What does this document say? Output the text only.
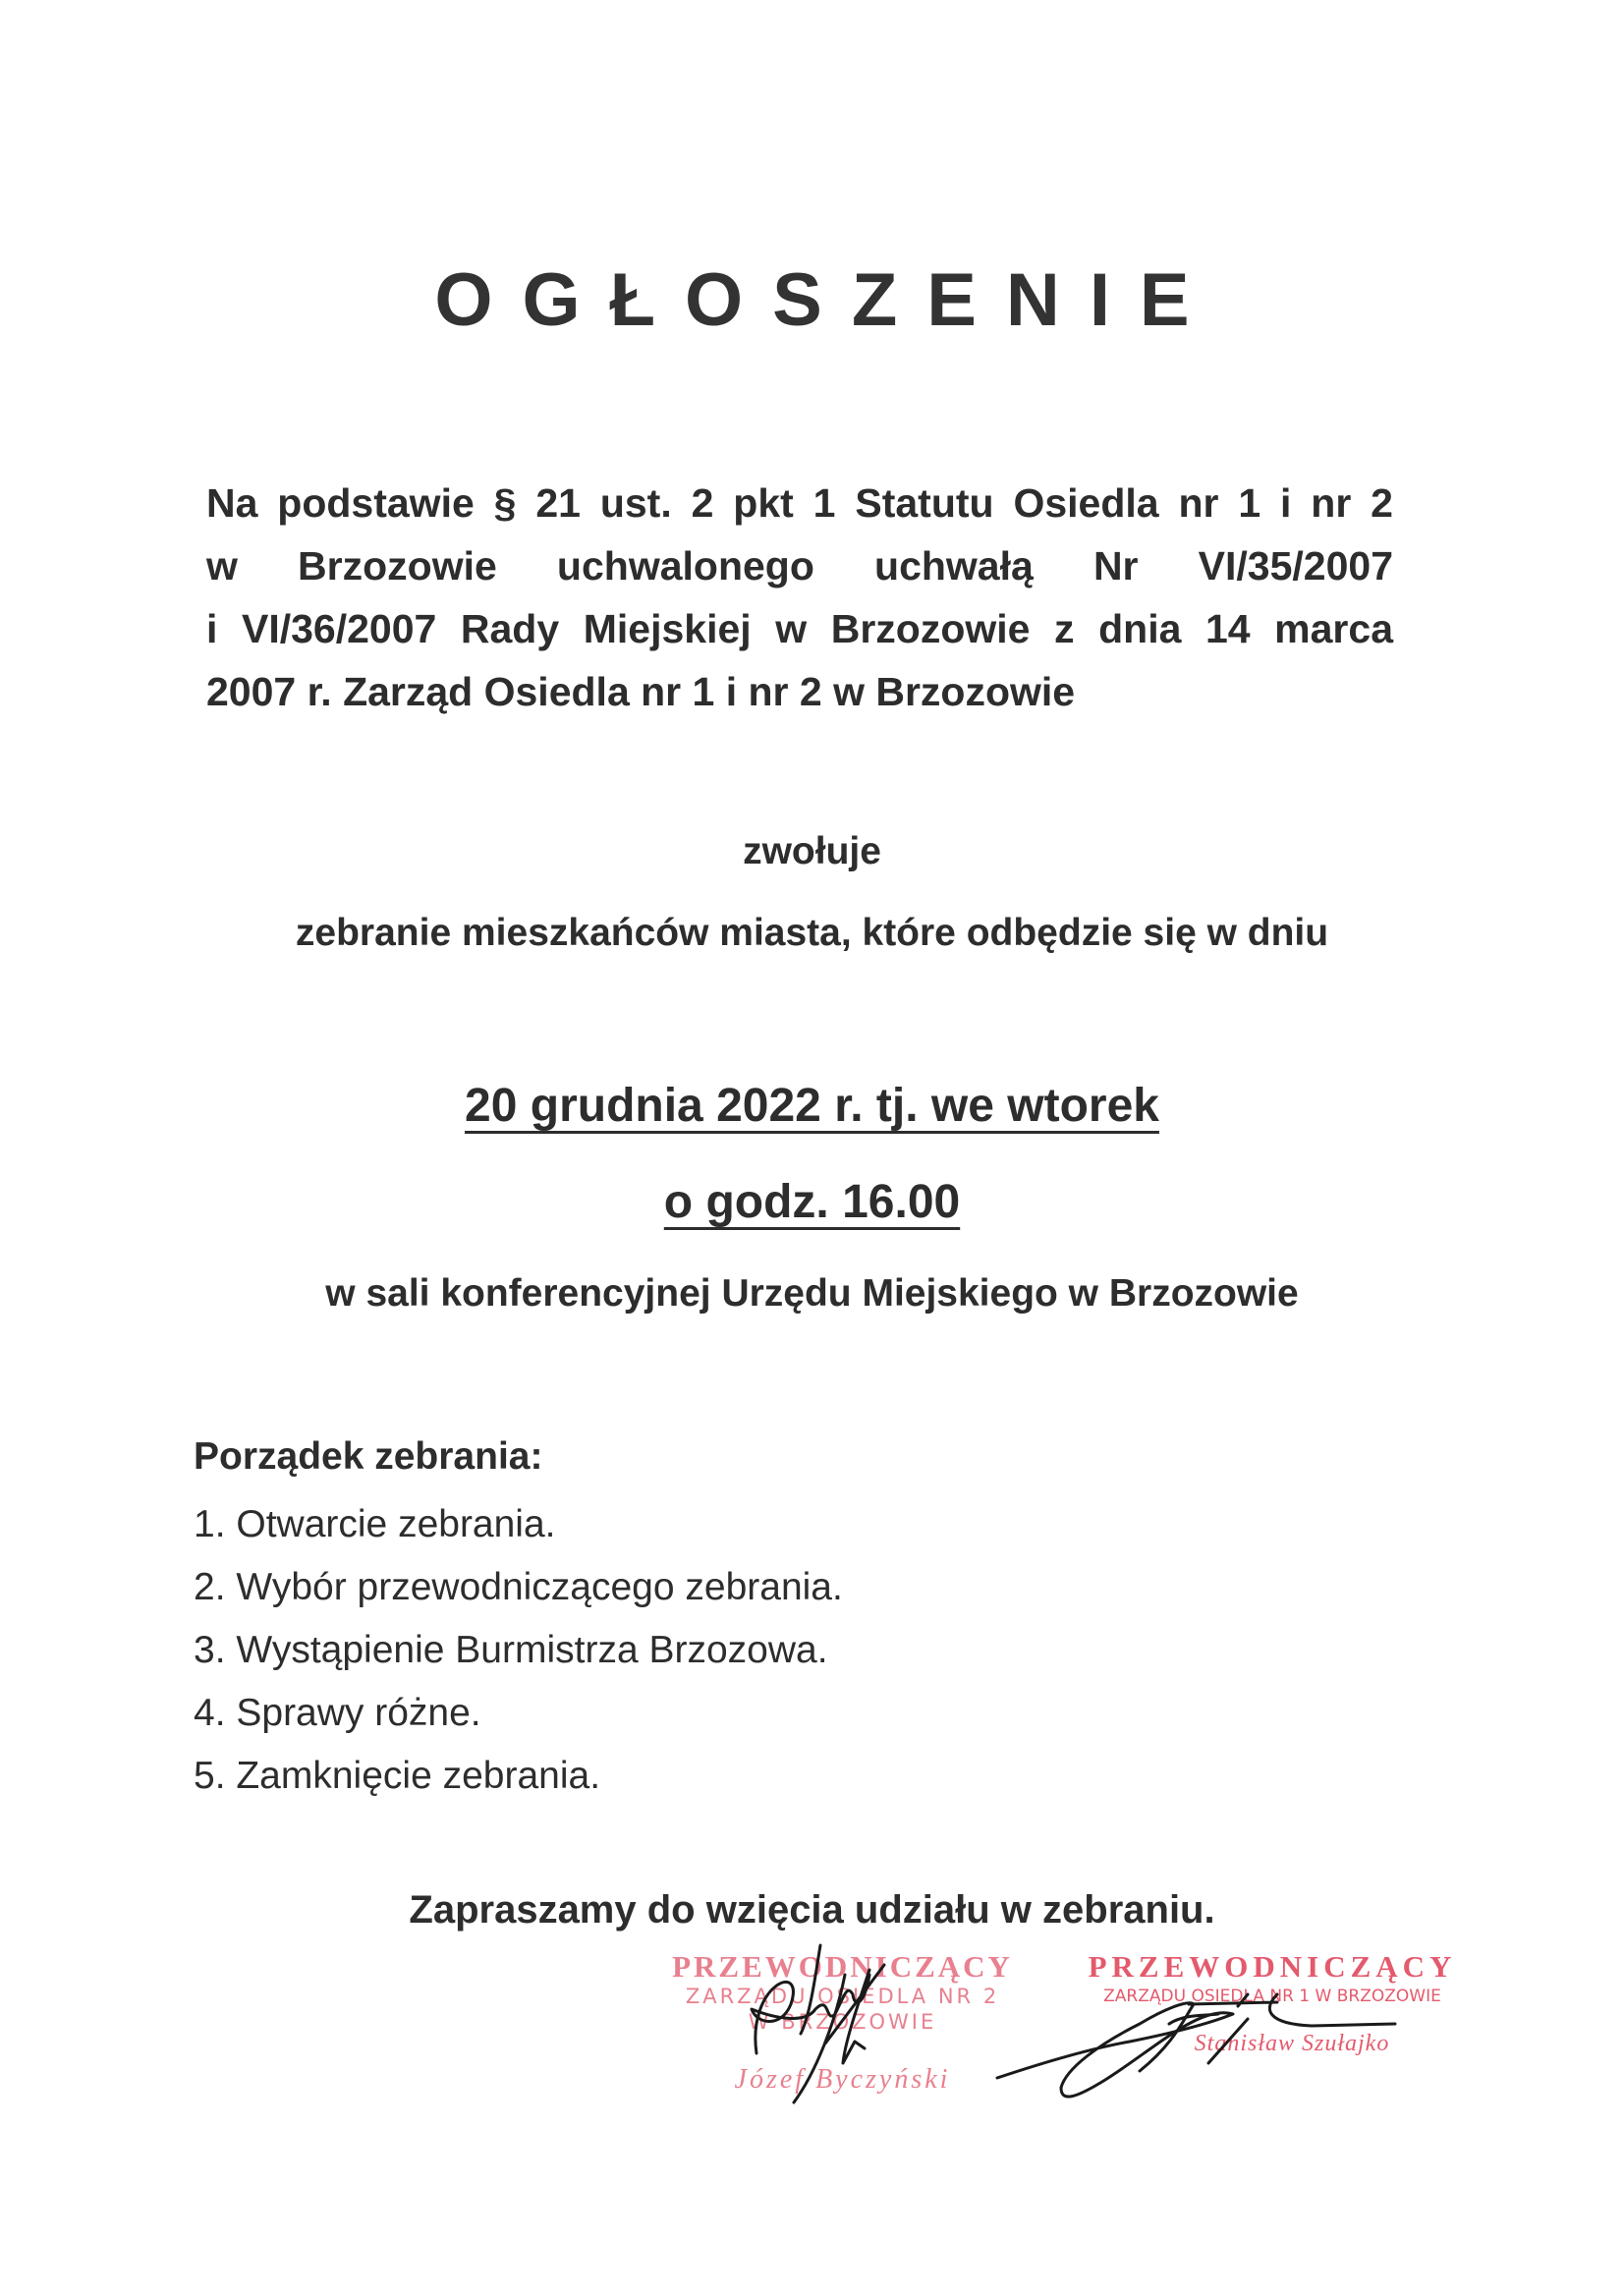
OGŁOSZENIE
Na podstawie § 21 ust. 2 pkt 1 Statutu Osiedla nr 1 i nr 2
w Brzozowie uchwalonego uchwałą Nr VI/35/2007
i VI/36/2007 Rady Miejskiej w Brzozowie z dnia 14 marca
2007 r. Zarząd Osiedla nr 1 i nr 2 w Brzozowie
zwołuje
zebranie mieszkańców miasta, które odbędzie się w dniu
20 grudnia 2022 r. tj. we wtorek
o godz. 16.00
w sali konferencyjnej Urzędu Miejskiego w Brzozowie
Porządek zebrania:
1. Otwarcie zebrania.
2. Wybór przewodniczącego zebrania.
3. Wystąpienie Burmistrza Brzozowa.
4. Sprawy różne.
5. Zamknięcie zebrania.
Zapraszamy do wzięcia udziału w zebraniu.
PRZEWODNICZĄCY
ZARZĄDU OSIEDLA NR 2
W BRZOZOWIE
Józef Byczyński
PRZEWODNICZĄCY
ZARZĄDU OSIEDLA NR 1 W BRZOZOWIE
Stanisław Szułajko
